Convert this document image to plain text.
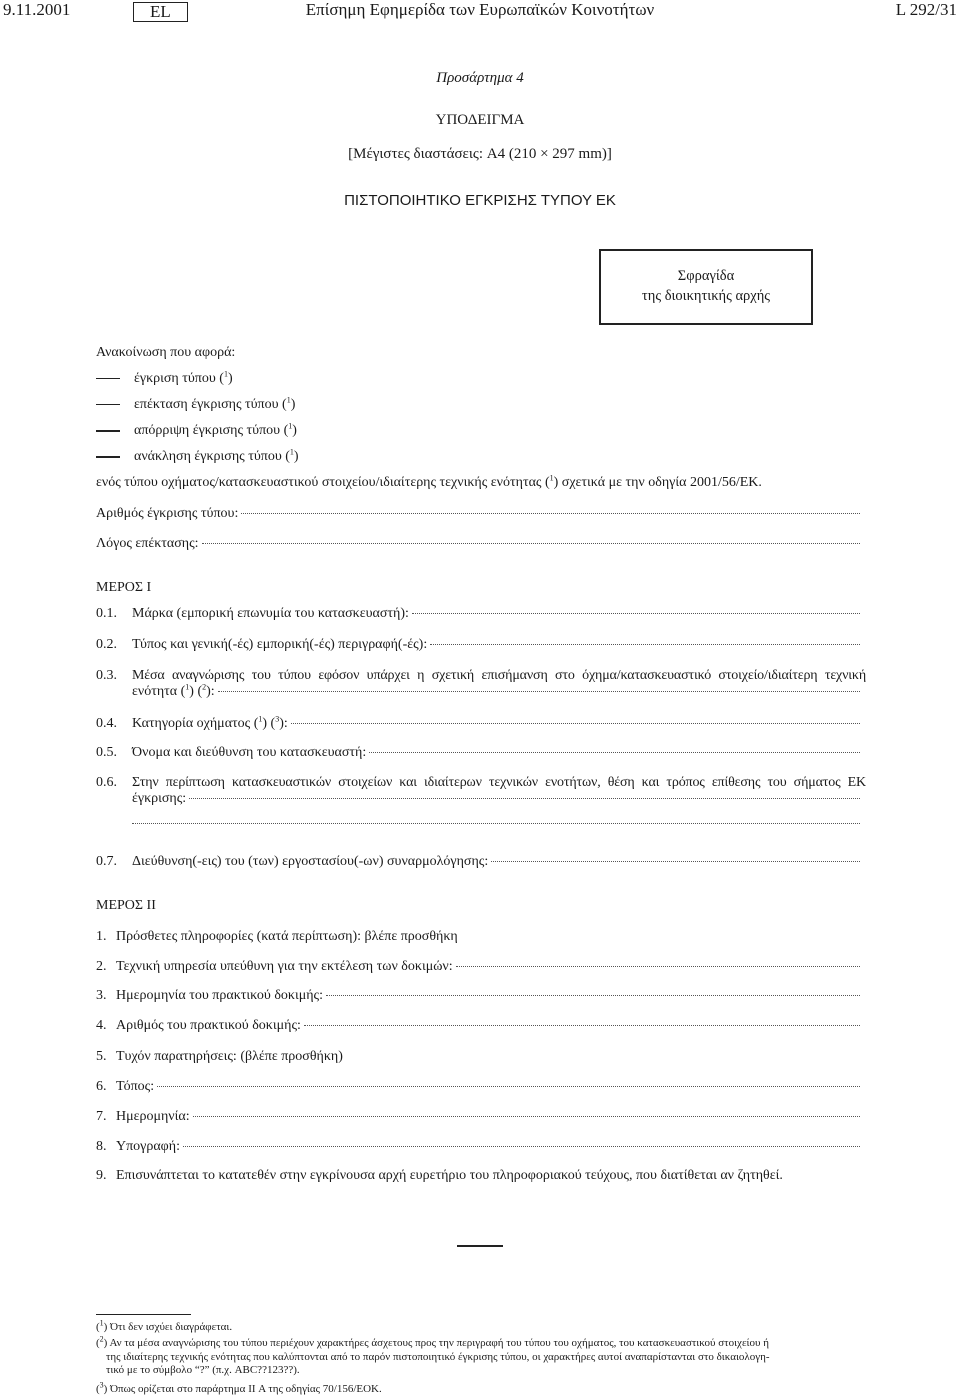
9.11.2001	EL	Επίσημη Εφημερίδα των Ευρωπαϊκών Κοινοτήτων	L 292/31
Προσάρτημα 4
ΥΠΟΔΕΙΓΜΑ
[Μέγιστες διαστάσεις: A4 (210 × 297 mm)]
ΠΙΣΤΟΠΟΙΗΤΙΚΟ ΕΓΚΡΙΣΗΣ ΤΥΠΟΥ ΕΚ
Σφραγίδα
της διοικητικής αρχής
Ανακοίνωση που αφορά:
έγκριση τύπου ($^1$)
επέκταση έγκρισης τύπου ($^1$)
απόρριψη έγκρισης τύπου ($^1$)
ανάκληση έγκρισης τύπου ($^1$)
ενός τύπου οχήματος/κατασκευαστικού στοιχείου/ιδιαίτερης τεχνικής ενότητας ($^1$) σχετικά με την οδηγία 2001/56/ΕΚ.
Αριθμός έγκρισης τύπου:
Λόγος επέκτασης:
ΜΕΡΟΣ Ι
0.1.	Μάρκα (εμπορική επωνυμία του κατασκευαστή):
0.2.	Τύπος και γενική(-ές) εμπορική(-ές) περιγραφή(-ές):
0.3.	Μέσα αναγνώρισης του τύπου εφόσον υπάρχει η σχετική επισήμανση στο όχημα/κατασκευαστικό στοιχείο/ιδιαίτερη τεχνική
ενότητα ($^1$) ($^2$):
0.4.	Κατηγορία οχήματος ($^1$) ($^3$):
0.5.	Όνομα και διεύθυνση του κατασκευαστή:
0.6.	Στην περίπτωση κατασκευαστικών στοιχείων και ιδιαίτερων τεχνικών ενοτήτων, θέση και τρόπος επίθεσης του σήματος ΕΚ
έγκρισης:
0.7.	Διεύθυνση(-εις) του (των) εργοστασίου(-ων) συναρμολόγησης:
ΜΕΡΟΣ ΙΙ
1. Πρόσθετες πληροφορίες (κατά περίπτωση): βλέπε προσθήκη
2. Τεχνική υπηρεσία υπεύθυνη για την εκτέλεση των δοκιμών:
3. Ημερομηνία του πρακτικού δοκιμής:
4. Αριθμός του πρακτικού δοκιμής:
5. Τυχόν παρατηρήσεις: (βλέπε προσθήκη)
6. Τόπος:
7. Ημερομηνία:
8. Υπογραφή:
9. Επισυνάπτεται το κατατεθέν στην εγκρίνουσα αρχή ευρετήριο του πληροφοριακού τεύχους, που διατίθεται αν ζητηθεί.
($^1$) Ότι δεν ισχύει διαγράφεται.
($^2$) Αν τα μέσα αναγνώρισης του τύπου περιέχουν χαρακτήρες άσχετους προς την περιγραφή του τύπου του οχήματος, του κατασκευαστικού στοιχείου ή
της ιδιαίτερης τεχνικής ενότητας που καλύπτονται από το παρόν πιστοποιητικό έγκρισης τύπου, οι χαρακτήρες αυτοί αναπαρίστανται στο δικαιολογη-
τικό με το σύμβολο “?” (π.χ. ABC??123??).
($^3$) Όπως ορίζεται στο παράρτημα II Α της οδηγίας 70/156/ΕΟΚ.
